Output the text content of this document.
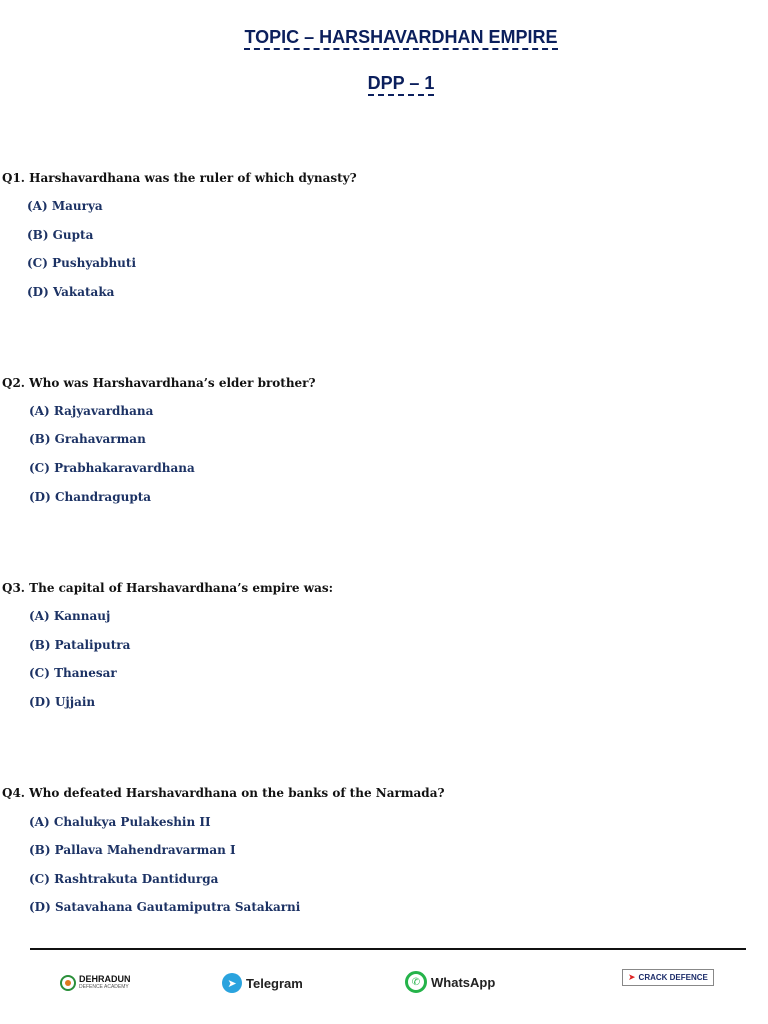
TOPIC – HARSHAVARDHAN EMPIRE
DPP – 1
Q1. Harshavardhana was the ruler of which dynasty?
(A) Maurya
(B) Gupta
(C) Pushyabhuti
(D) Vakataka
Q2. Who was Harshavardhana’s elder brother?
(A) Rajyavardhana
(B) Grahavarman
(C) Prabhakaravardhana
(D) Chandragupta
Q3. The capital of Harshavardhana’s empire was:
(A) Kannauj
(B) Pataliputra
(C) Thanesar
(D) Ujjain
Q4. Who defeated Harshavardhana on the banks of the Narmada?
(A) Chalukya Pulakeshin II
(B) Pallava Mahendravarman I
(C) Rashtrakuta Dantidurga
(D) Satavahana Gautamiputra Satakarni
DEHRADUN
DEFENCE ACADEMY	➤ Telegram	✆ WhatsApp	➤ CRACK DEFENCE
